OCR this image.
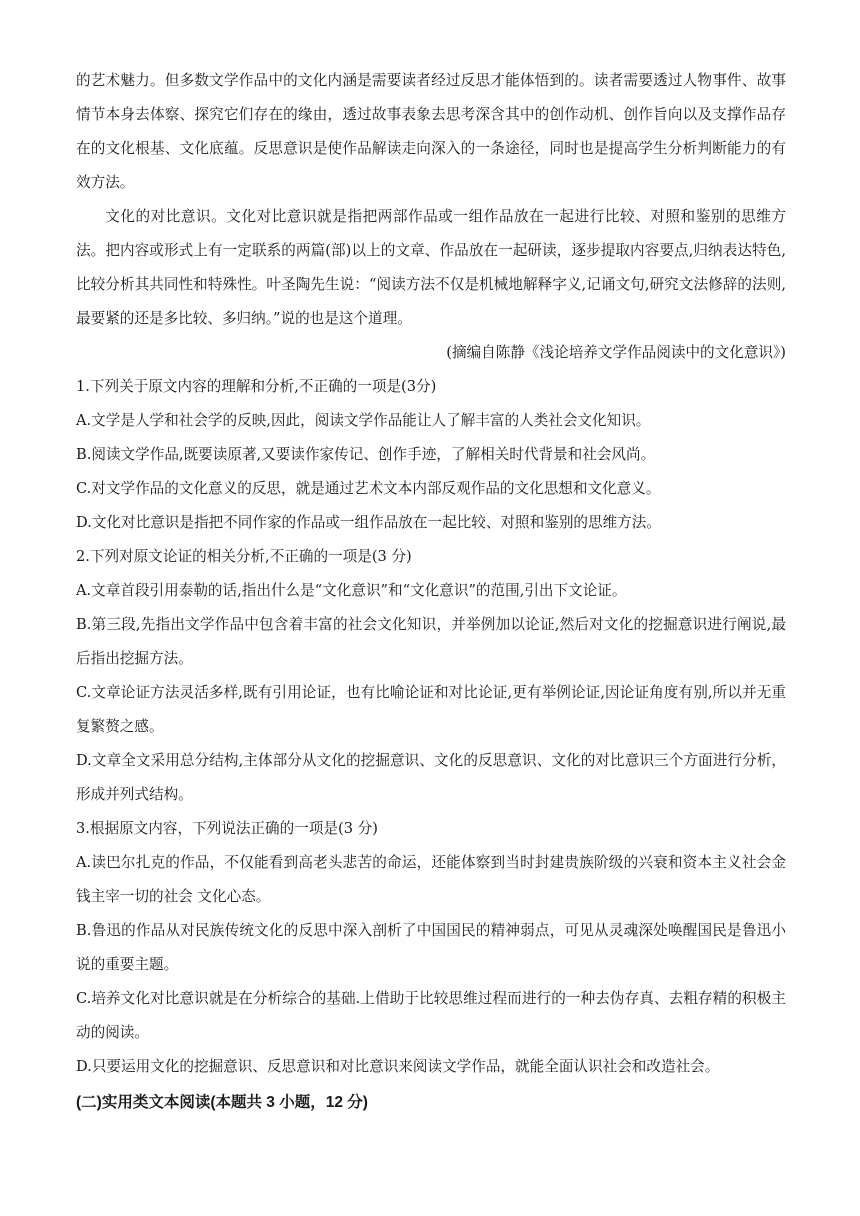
的艺术魅力。但多数文学作品中的文化内涵是需要读者经过反思才能体悟到的。读者需要透过人物事件、故事情节本身去体察、探究它们存在的缘由，透过故事表象去思考深含其中的创作动机、创作旨向以及支撑作品存在的文化根基、文化底蕴。反思意识是使作品解读走向深入的一条途径，同时也是提高学生分析判断能力的有效方法。

文化的对比意识。文化对比意识就是指把两部作品或一组作品放在一起进行比较、对照和鉴别的思维方法。把内容或形式上有一定联系的两篇(部)以上的文章、作品放在一起研读，逐步提取内容要点,归纳表达特色,比较分析其共同性和特殊性。叶圣陶先生说：“阅读方法不仅是机械地解释字义,记诵文句,研究文法修辞的法则,最要紧的还是多比较、多归纳。”说的也是这个道理。

(摘编自陈静《浅论培养文学作品阅读中的文化意识》)

1.下列关于原文内容的理解和分析,不正确的一项是(3分)

A.文学是人学和社会学的反映,因此，阅读文学作品能让人了解丰富的人类社会文化知识。

B.阅读文学作品,既要读原著,又要读作家传记、创作手迹，了解相关时代背景和社会风尚。

C.对文学作品的文化意义的反思，就是通过艺术文本内部反观作品的文化思想和文化意义。

D.文化对比意识是指把不同作家的作品或一组作品放在一起比较、对照和鉴别的思维方法。

2.下列对原文论证的相关分析,不正确的一项是(3 分)

A.文章首段引用泰勒的话,指出什么是“文化意识”和“文化意识”的范围,引出下文论证。

B.第三段,先指出文学作品中包含着丰富的社会文化知识，并举例加以论证,然后对文化的挖掘意识进行阐说,最后指出挖掘方法。

C.文章论证方法灵活多样,既有引用论证，也有比喻论证和对比论证,更有举例论证,因论证角度有别,所以并无重复繁赘之感。

D.文章全文采用总分结构,主体部分从文化的挖掘意识、文化的反思意识、文化的对比意识三个方面进行分析，形成并列式结构。

3.根据原文内容，下列说法正确的一项是(3 分)

A.读巴尔扎克的作品，不仅能看到高老头悲苦的命运，还能体察到当时封建贵族阶级的兴衰和资本主义社会金钱主宰一切的社会 文化心态。

B.鲁迅的作品从对民族传统文化的反思中深入剖析了中国国民的精神弱点，可见从灵魂深处唤醒国民是鲁迅小说的重要主题。

C.培养文化对比意识就是在分析综合的基础.上借助于比较思维过程而进行的一种去伪存真、去粗存精的积极主动的阅读。

D.只要运用文化的挖掘意识、反思意识和对比意识来阅读文学作品，就能全面认识社会和改造社会。

(二)实用类文本阅读(本题共 3 小题，12 分)
